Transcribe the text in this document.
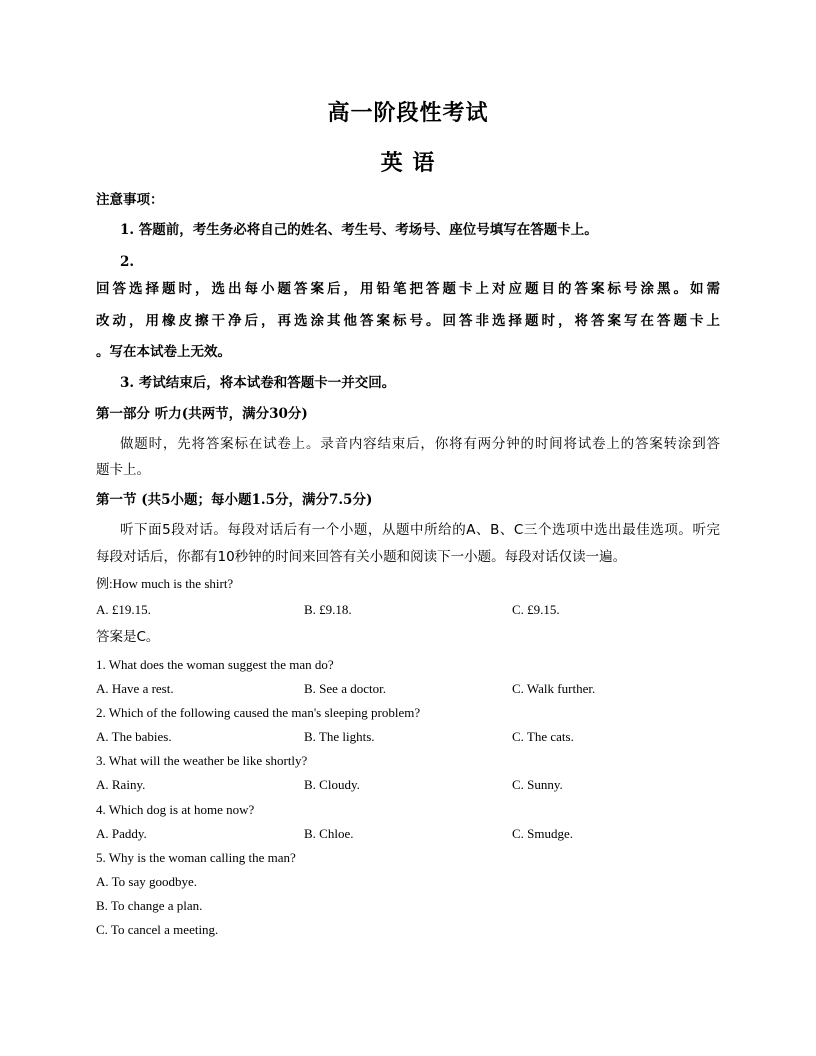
高一阶段性考试
英 语
注意事项：
1. 答题前，考生务必将自己的姓名、考生号、考场号、座位号填写在答题卡上。
2.
回答选择题时，选出每小题答案后，用铅笔把答题卡上对应题目的答案标号涂黑。如需
改动，用橡皮擦干净后，再选涂其他答案标号。回答非选择题时，将答案写在答题卡上
。写在本试卷上无效。
3. 考试结束后，将本试卷和答题卡一并交回。
第一部分 听力(共两节，满分30分)
做题时，先将答案标在试卷上。录音内容结束后，你将有两分钟的时间将试卷上的答案转涂到答
题卡上。
第一节 (共5小题；每小题1.5分，满分7.5分)
听下面5段对话。每段对话后有一个小题，从题中所给的A、B、C三个选项中选出最佳选项。听完
每段对话后，你都有10秒钟的时间来回答有关小题和阅读下一小题。每段对话仅读一遍。
例:How much is the shirt?
A. £19.15.	B. £9.18.	C. £9.15.
答案是C。
1. What does the woman suggest the man do?
A. Have a rest.	B. See a doctor.	C. Walk further.
2. Which of the following caused the man's sleeping problem?
A. The babies.	B. The lights.	C. The cats.
3. What will the weather be like shortly?
A. Rainy.	B. Cloudy.	C. Sunny.
4. Which dog is at home now?
A. Paddy.	B. Chloe.	C. Smudge.
5. Why is the woman calling the man?
A. To say goodbye.
B. To change a plan.
C. To cancel a meeting.
